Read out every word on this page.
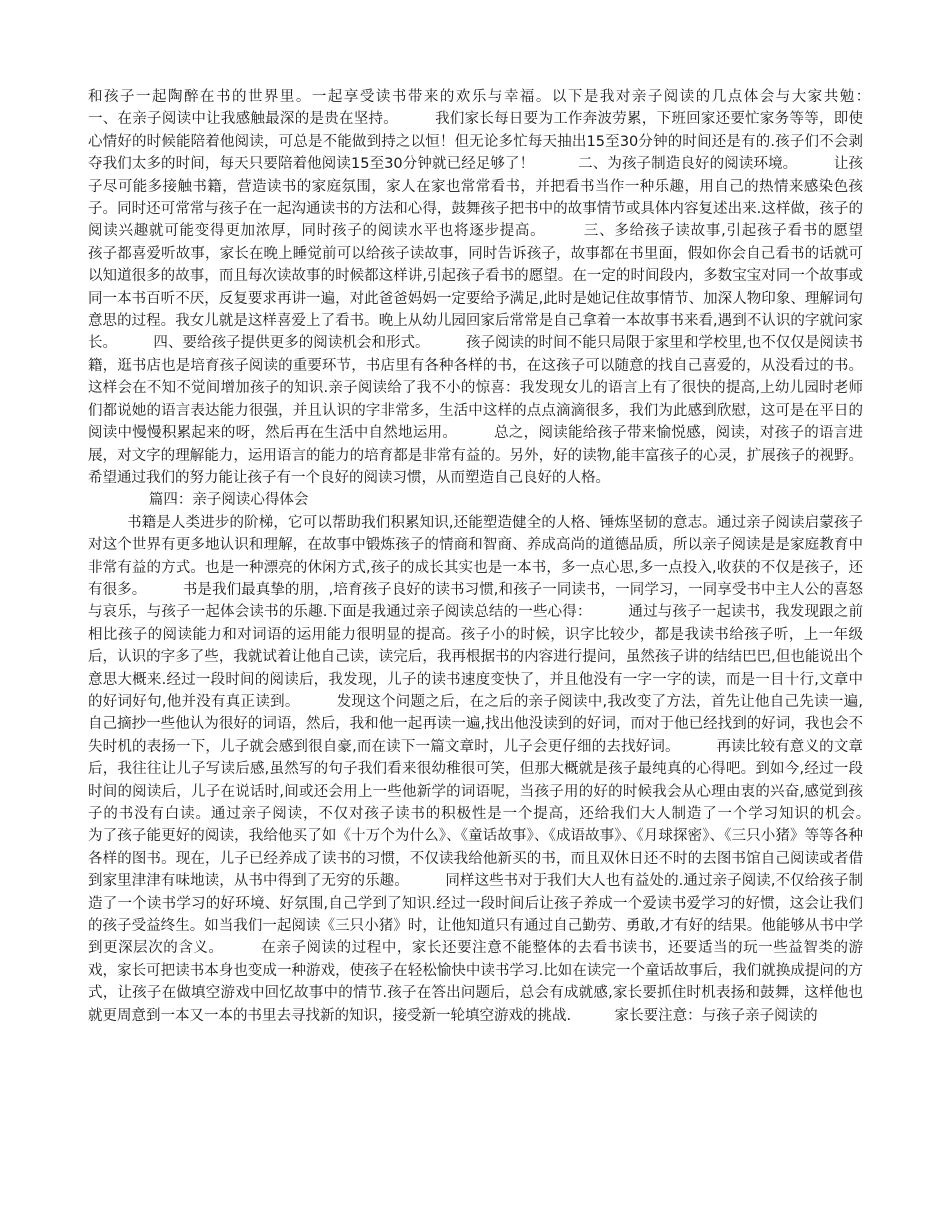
和孩子一起陶醉在书的世界里。一起享受读书带来的欢乐与幸福。以下是我对亲子阅读的几点体会与大家共勉：　　　一、在亲子阅读中让我感触最深的是贵在坚持。　　　我们家长每日要为工作奔波劳累，下班回家还要忙家务等等，即使心情好的时候能陪着他阅读，可总是不能做到持之以恒！但无论多忙每天抽出15至30分钟的时间还是有的.孩子们不会剥夺我们太多的时间，每天只要陪着他阅读15至30分钟就已经足够了！　　　二、为孩子制造良好的阅读环境。　　　让孩子尽可能多接触书籍，营造读书的家庭氛围，家人在家也常常看书，并把看书当作一种乐趣，用自己的热情来感染色孩子。同时还可常常与孩子在一起沟通读书的方法和心得，鼓舞孩子把书中的故事情节或具体内容复述出来.这样做，孩子的阅读兴趣就可能变得更加浓厚，同时孩子的阅读水平也将逐步提高。　　　三、多给孩子读故事,引起孩子看书的愿望　　　孩子都喜爱听故事，家长在晚上睡觉前可以给孩子读故事，同时告诉孩子，故事都在书里面，假如你会自己看书的话就可以知道很多的故事，而且每次读故事的时候都这样讲,引起孩子看书的愿望。在一定的时间段内，多数宝宝对同一个故事或同一本书百听不厌，反复要求再讲一遍，对此爸爸妈妈一定要给予满足,此时是她记住故事情节、加深人物印象、理解词句意思的过程。我女儿就是这样喜爱上了看书。晚上从幼儿园回家后常常是自己拿着一本故事书来看,遇到不认识的字就问家长。　　　四、要给孩子提供更多的阅读机会和形式。　　　孩子阅读的时间不能只局限于家里和学校里,也不仅仅是阅读书籍，逛书店也是培育孩子阅读的重要环节，书店里有各种各样的书，在这孩子可以随意的找自己喜爱的，从没看过的书。这样会在不知不觉间增加孩子的知识.亲子阅读给了我不小的惊喜：我发现女儿的语言上有了很快的提高,上幼儿园时老师们都说她的语言表达能力很强，并且认识的字非常多，生活中这样的点点滴滴很多，我们为此感到欣慰，这可是在平日的阅读中慢慢积累起来的呀，然后再在生活中自然地运用。　　　总之，阅读能给孩子带来愉悦感，阅读，对孩子的语言进展，对文字的理解能力，运用语言的能力的培育都是非常有益的。另外，好的读物,能丰富孩子的心灵，扩展孩子的视野。希望通过我们的努力能让孩子有一个良好的阅读习惯，从而塑造自己良好的人格。

篇四：亲子阅读心得体会

书籍是人类进步的阶梯，它可以帮助我们积累知识,还能塑造健全的人格、锤炼坚韧的意志。通过亲子阅读启蒙孩子对这个世界有更多地认识和理解，在故事中锻炼孩子的情商和智商、养成高尚的道德品质，所以亲子阅读是是家庭教育中非常有益的方式。也是一种漂亮的休闲方式,孩子的成长其实也是一本书，多一点心思,多一点投入,收获的不仅是孩子，还有很多。　　　书是我们最真挚的朋，,培育孩子良好的读书习惯,和孩子一同读书，一同学习，一同享受书中主人公的喜怒与哀乐，与孩子一起体会读书的乐趣.下面是我通过亲子阅读总结的一些心得：　　　通过与孩子一起读书，我发现跟之前相比孩子的阅读能力和对词语的运用能力很明显的提高。孩子小的时候，识字比较少，都是我读书给孩子听，上一年级后，认识的字多了些，我就试着让他自己读，读完后，我再根据书的内容进行提问，虽然孩子讲的结结巴巴,但也能说出个意思大概来.经过一段时间的阅读后，我发现，儿子的读书速度变快了，并且他没有一字一字的读，而是一目十行,文章中的好词好句,他并没有真正读到。　　　发现这个问题之后，在之后的亲子阅读中,我改变了方法，首先让他自己先读一遍,自己摘抄一些他认为很好的词语，然后，我和他一起再读一遍,找出他没读到的好词，而对于他已经找到的好词，我也会不失时机的表扬一下，儿子就会感到很自豪,而在读下一篇文章时，儿子会更仔细的去找好词。　　　再读比较有意义的文章后，我往往让儿子写读后感,虽然写的句子我们看来很幼稚很可笑，但那大概就是孩子最纯真的心得吧。到如今,经过一段时间的阅读后，儿子在说话时,间或还会用上一些他新学的词语呢，当孩子用的好的时候我会从心理由衷的兴奋,感觉到孩子的书没有白读。通过亲子阅读，不仅对孩子读书的积极性是一个提高，还给我们大人制造了一个学习知识的机会。　　　为了孩子能更好的阅读，我给他买了如《十万个为什么》、《童话故事》、《成语故事》、《月球探密》、《三只小猪》等等各种各样的图书。现在，儿子已经养成了读书的习惯，不仅读我给他新买的书，而且双休日还不时的去图书馆自己阅读或者借到家里津津有味地读，从书中得到了无穷的乐趣。　　　同样这些书对于我们大人也有益处的.通过亲子阅读,不仅给孩子制造了一个读书学习的好环境、好氛围,自己学到了知识.经过一段时间后让孩子养成一个爱读书爱学习的好惯，这会让我们的孩子受益终生。如当我们一起阅读《三只小猪》时，让他知道只有通过自己勤劳、勇敢,才有好的结果。他能够从书中学到更深层次的含义。　　　在亲子阅读的过程中，家长还要注意不能整体的去看书读书，还要适当的玩一些益智类的游戏，家长可把读书本身也变成一种游戏，使孩子在轻松愉快中读书学习.比如在读完一个童话故事后，我们就换成提问的方式，让孩子在做填空游戏中回忆故事中的情节.孩子在答出问题后，总会有成就感,家长要抓住时机表扬和鼓舞，这样他也就更周意到一本又一本的书里去寻找新的知识，接受新一轮填空游戏的挑战.　　　家长要注意：与孩子亲子阅读的
